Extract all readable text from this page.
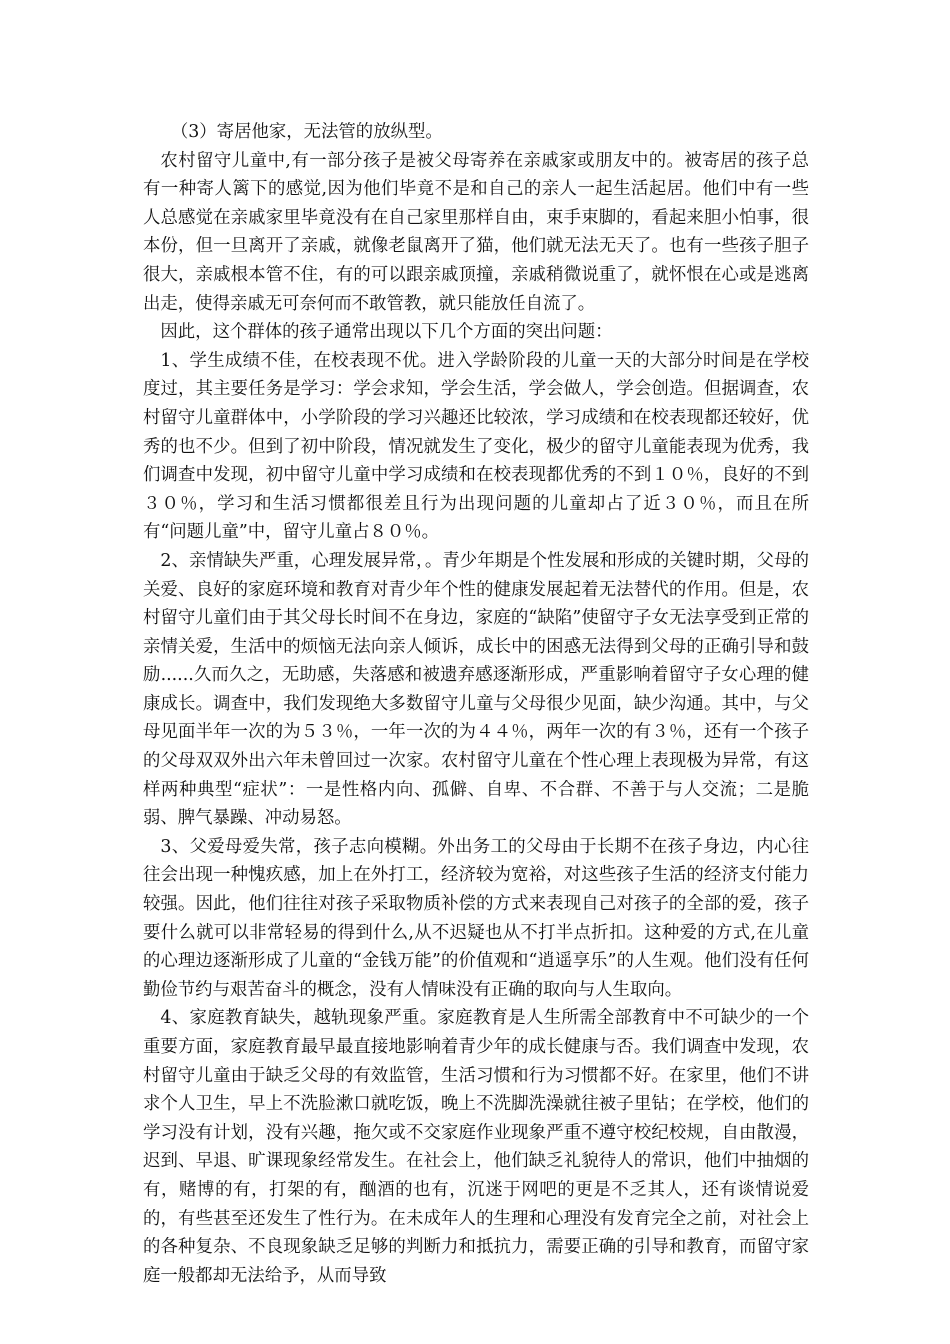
（3）寄居他家，无法管的放纵型。

农村留守儿童中,有一部分孩子是被父母寄养在亲戚家或朋友中的。被寄居的孩子总有一种寄人篱下的感觉,因为他们毕竟不是和自己的亲人一起生活起居。他们中有一些人总感觉在亲戚家里毕竟没有在自己家里那样自由，束手束脚的，看起来胆小怕事，很本份，但一旦离开了亲戚，就像老鼠离开了猫，他们就无法无天了。也有一些孩子胆子很大，亲戚根本管不住，有的可以跟亲戚顶撞，亲戚稍微说重了，就怀恨在心或是逃离出走，使得亲戚无可奈何而不敢管教，就只能放任自流了。

因此，这个群体的孩子通常出现以下几个方面的突出问题：

1、学生成绩不佳，在校表现不优。进入学龄阶段的儿童一天的大部分时间是在学校度过，其主要任务是学习：学会求知，学会生活，学会做人，学会创造。但据调查，农村留守儿童群体中，小学阶段的学习兴趣还比较浓，学习成绩和在校表现都还较好，优秀的也不少。但到了初中阶段，情况就发生了变化，极少的留守儿童能表现为优秀，我们调查中发现，初中留守儿童中学习成绩和在校表现都优秀的不到１０％，良好的不到３０％，学习和生活习惯都很差且行为出现问题的儿童却占了近３０％，而且在所有“问题儿童”中，留守儿童占８０％。

2、亲情缺失严重，心理发展异常，。青少年期是个性发展和形成的关键时期，父母的关爱、良好的家庭环境和教育对青少年个性的健康发展起着无法替代的作用。但是，农村留守儿童们由于其父母长时间不在身边，家庭的“缺陷”使留守子女无法享受到正常的亲情关爱，生活中的烦恼无法向亲人倾诉，成长中的困惑无法得到父母的正确引导和鼓励......久而久之，无助感，失落感和被遗弃感逐渐形成，严重影响着留守子女心理的健康成长。调查中，我们发现绝大多数留守儿童与父母很少见面，缺少沟通。其中，与父母见面半年一次的为５３％，一年一次的为４４％，两年一次的有３％，还有一个孩子的父母双双外出六年未曾回过一次家。农村留守儿童在个性心理上表现极为异常，有这样两种典型“症状”：一是性格内向、孤僻、自卑、不合群、不善于与人交流；二是脆弱、脾气暴躁、冲动易怒。

3、父爱母爱失常，孩子志向模糊。外出务工的父母由于长期不在孩子身边，内心往往会出现一种愧疚感，加上在外打工，经济较为宽裕，对这些孩子生活的经济支付能力较强。因此，他们往往对孩子采取物质补偿的方式来表现自己对孩子的全部的爱，孩子要什么就可以非常轻易的得到什么,从不迟疑也从不打半点折扣。这种爱的方式,在儿童的心理边逐渐形成了儿童的“金钱万能”的价值观和“逍遥享乐”的人生观。他们没有任何勤俭节约与艰苦奋斗的概念，没有人情味没有正确的取向与人生取向。

4、家庭教育缺失，越轨现象严重。家庭教育是人生所需全部教育中不可缺少的一个重要方面，家庭教育最早最直接地影响着青少年的成长健康与否。我们调查中发现，农村留守儿童由于缺乏父母的有效监管，生活习惯和行为习惯都不好。在家里，他们不讲求个人卫生，早上不洗脸漱口就吃饭，晚上不洗脚洗澡就往被子里钻；在学校，他们的学习没有计划，没有兴趣，拖欠或不交家庭作业现象严重不遵守校纪校规，自由散漫，迟到、早退、旷课现象经常发生。在社会上，他们缺乏礼貌待人的常识，他们中抽烟的有，赌博的有，打架的有，酗酒的也有，沉迷于网吧的更是不乏其人，还有谈情说爱的，有些甚至还发生了性行为。在未成年人的生理和心理没有发育完全之前，对社会上的各种复杂、不良现象缺乏足够的判断力和抵抗力，需要正确的引导和教育，而留守家庭一般都却无法给予，从而导致
